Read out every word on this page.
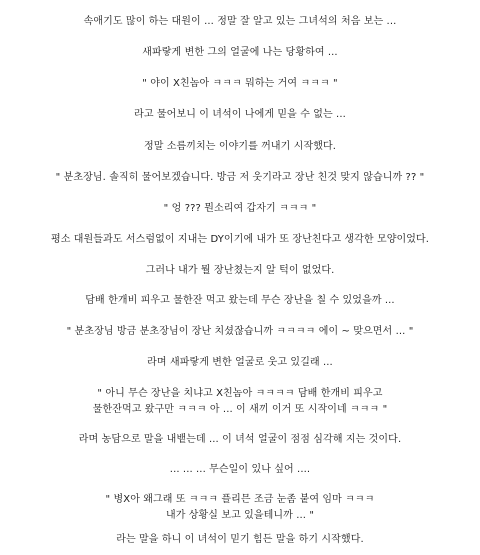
속애기도 많이 하는 대원이 ... 정말 잘 알고 있는 그녀석의 처음 보는 ...
새파랗게 변한 그의 얼굴에 나는 당황하여 ...
" 야이 X친놈아 ㅋㅋㅋ 뭐하는 거여 ㅋㅋㅋ "
라고 물어보니 이 녀석이 나에게 믿을 수 없는 ...
정말 소름끼치는 이야기를 꺼내기 시작했다.
" 분초장님. 솔직히 물어보겠습니다. 방금 저 웃기라고 장난 친것 맞지 않습니까 ?? "
" 엉 ??? 뭔소리여 갑자기 ㅋㅋㅋ "
평소 대원들과도 서스럼없이 지내는 DY이기에 내가 또 장난친다고 생각한 모양이었다.
그러나 내가 뭘 장난쳤는지 알 턱이 없었다.
담배 한개비 피우고 물한잔 먹고 왔는데 무슨 장난을 칠 수 있었을까 ...
" 분초장님 방금 분초장님이 장난 치셨잖습니까 ㅋㅋㅋㅋ 에이 ~ 맞으면서 ... "
라며 새파랗게 변한 얼굴로 웃고 있길래 ...
" 아니 무슨 장난을 치냐고 X친놈아 ㅋㅋㅋㅋ 담배 한개비 피우고
물한잔먹고 왔구만 ㅋㅋㅋ 아 ... 이 새끼 이거 또 시작이네 ㅋㅋㅋ "
라며 농담으로 말을 내뱉는데 ... 이 녀석 얼굴이 점점 심각해 지는 것이다.
... ... ... 무슨일이 있나 싶어 ....
" 병X아 왜그래 또 ㅋㅋㅋ 플리믄 조금 눈좀 붙여 임마 ㅋㅋㅋ
내가 상황실 보고 있을테니까 ... "
라는 말을 하니 이 녀석이 믿기 힘든 말을 하기 시작했다.
